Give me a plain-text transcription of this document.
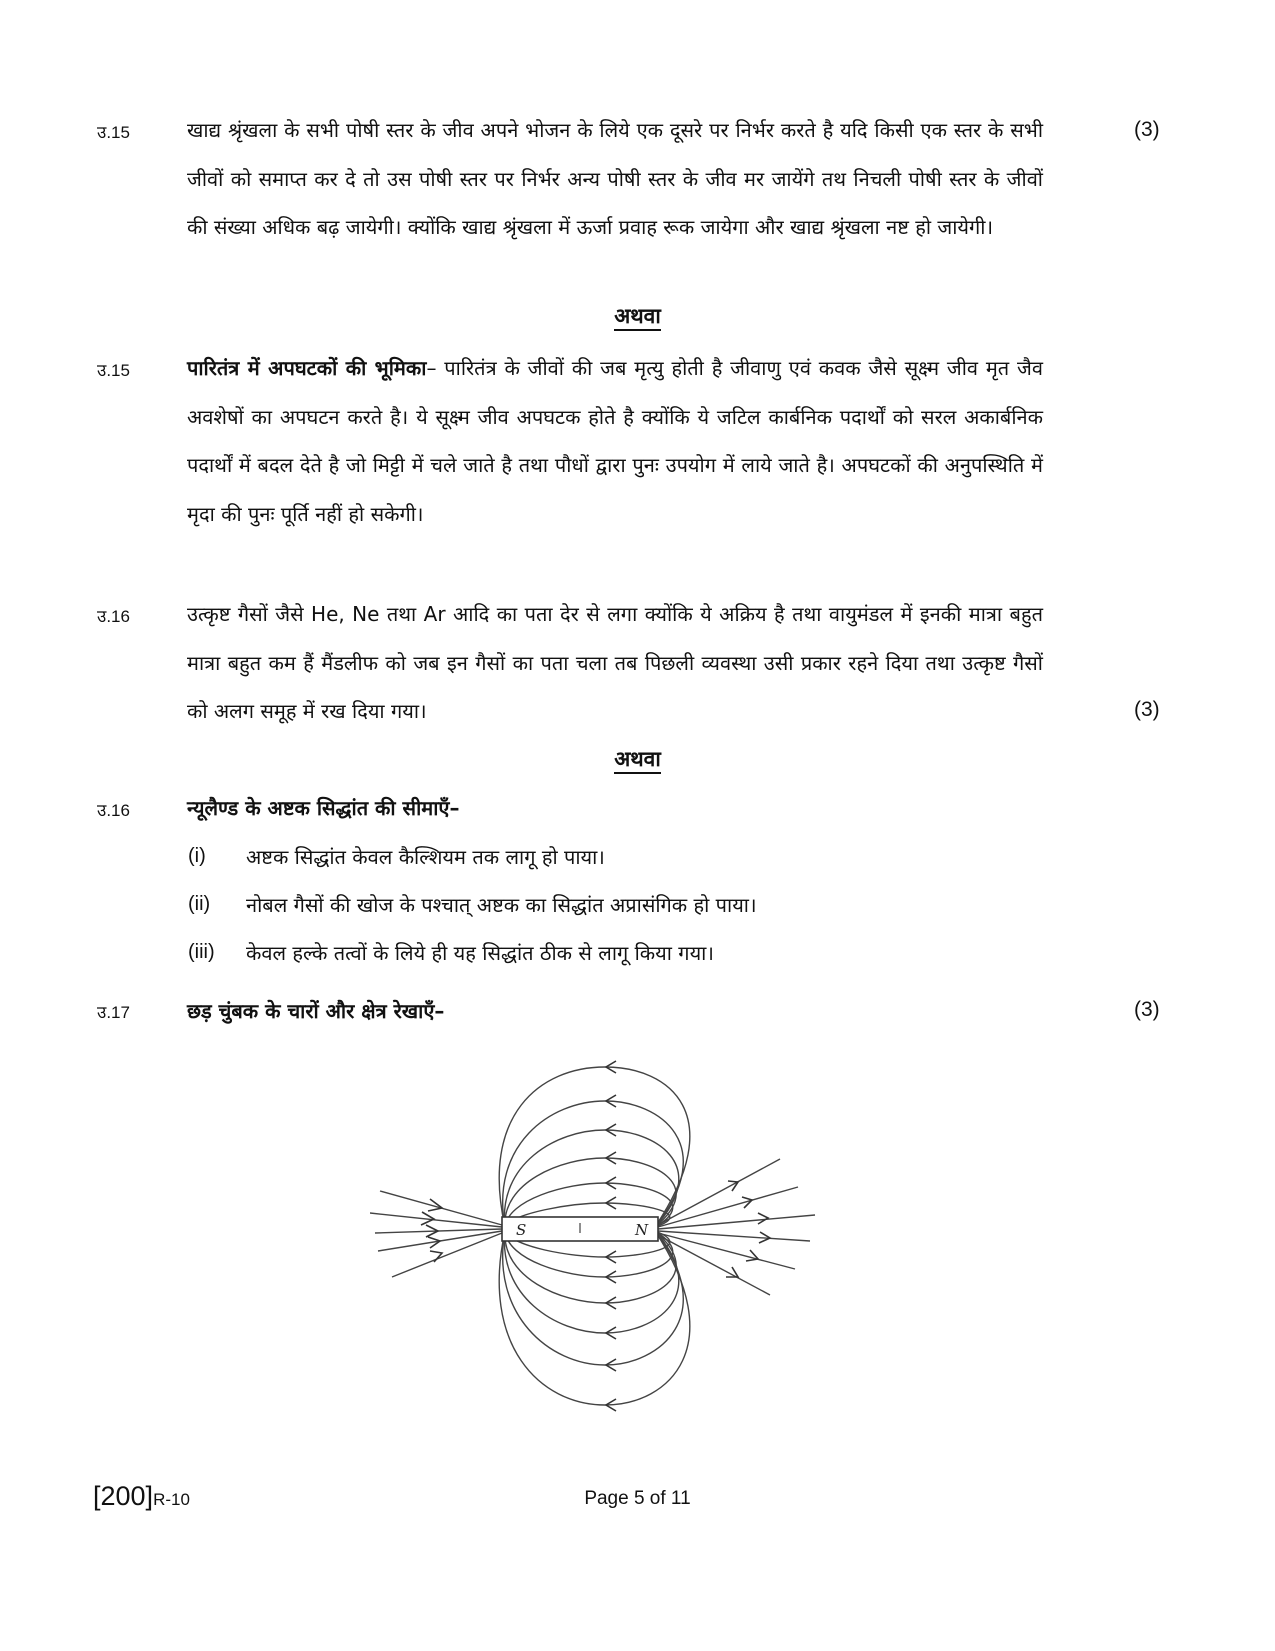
उ.15	खाद्य श्रृंखला के सभी पोषी स्तर के जीव अपने भोजन के लिये एक दूसरे पर निर्भर करते है यदि किसी एक स्तर के सभी जीवों को समाप्त कर दे तो उस पोषी स्तर पर निर्भर अन्य पोषी स्तर के जीव मर जायेंगे तथ निचली पोषी स्तर के जीवों की संख्या अधिक बढ़ जायेगी। क्योंकि खाद्य श्रृंखला में ऊर्जा प्रवाह रूक जायेगा और खाद्य श्रृंखला नष्ट हो जायेगी।

(3)
अथवा
उ.15	पारितंत्र में अपघटकों की भूमिका– पारितंत्र के जीवों की जब मृत्यु होती है जीवाणु एवं कवक जैसे सूक्ष्म जीव मृत जैव अवशेषों का अपघटन करते है। ये सूक्ष्म जीव अपघटक होते है क्योंकि ये जटिल कार्बनिक पदार्थों को सरल अकार्बनिक पदार्थों में बदल देते है जो मिट्टी में चले जाते है तथा पौधों द्वारा पुनः उपयोग में लाये जाते है। अपघटकों की अनुपस्थिति में मृदा की पुनः पूर्ति नहीं हो सकेगी।

उ.16	उत्कृष्ट गैसों जैसे He, Ne तथा Ar आदि का पता देर से लगा क्योंकि ये अक्रिय है तथा वायुमंडल में इनकी मात्रा बहुत मात्रा बहुत कम हैं मैंडलीफ को जब इन गैसों का पता चला तब पिछली व्यवस्था उसी प्रकार रहने दिया तथा उत्कृष्ट गैसों को अलग समूह में रख दिया गया।	(3)
अथवा
उ.16	न्यूलैण्ड के अष्टक सिद्धांत की सीमाएँ–
(i) अष्टक सिद्धांत केवल कैल्शियम तक लागू हो पाया।
(ii) नोबल गैसों की खोज के पश्चात् अष्टक का सिद्धांत अप्रासंगिक हो पाया।
(iii) केवल हल्के तत्वों के लिये ही यह सिद्धांत ठीक से लागू किया गया।
उ.17	छड़ चुंबक के चारों और क्षेत्र रेखाएँ–	(3)
S	N
[200]R-10	Page 5 of 11
